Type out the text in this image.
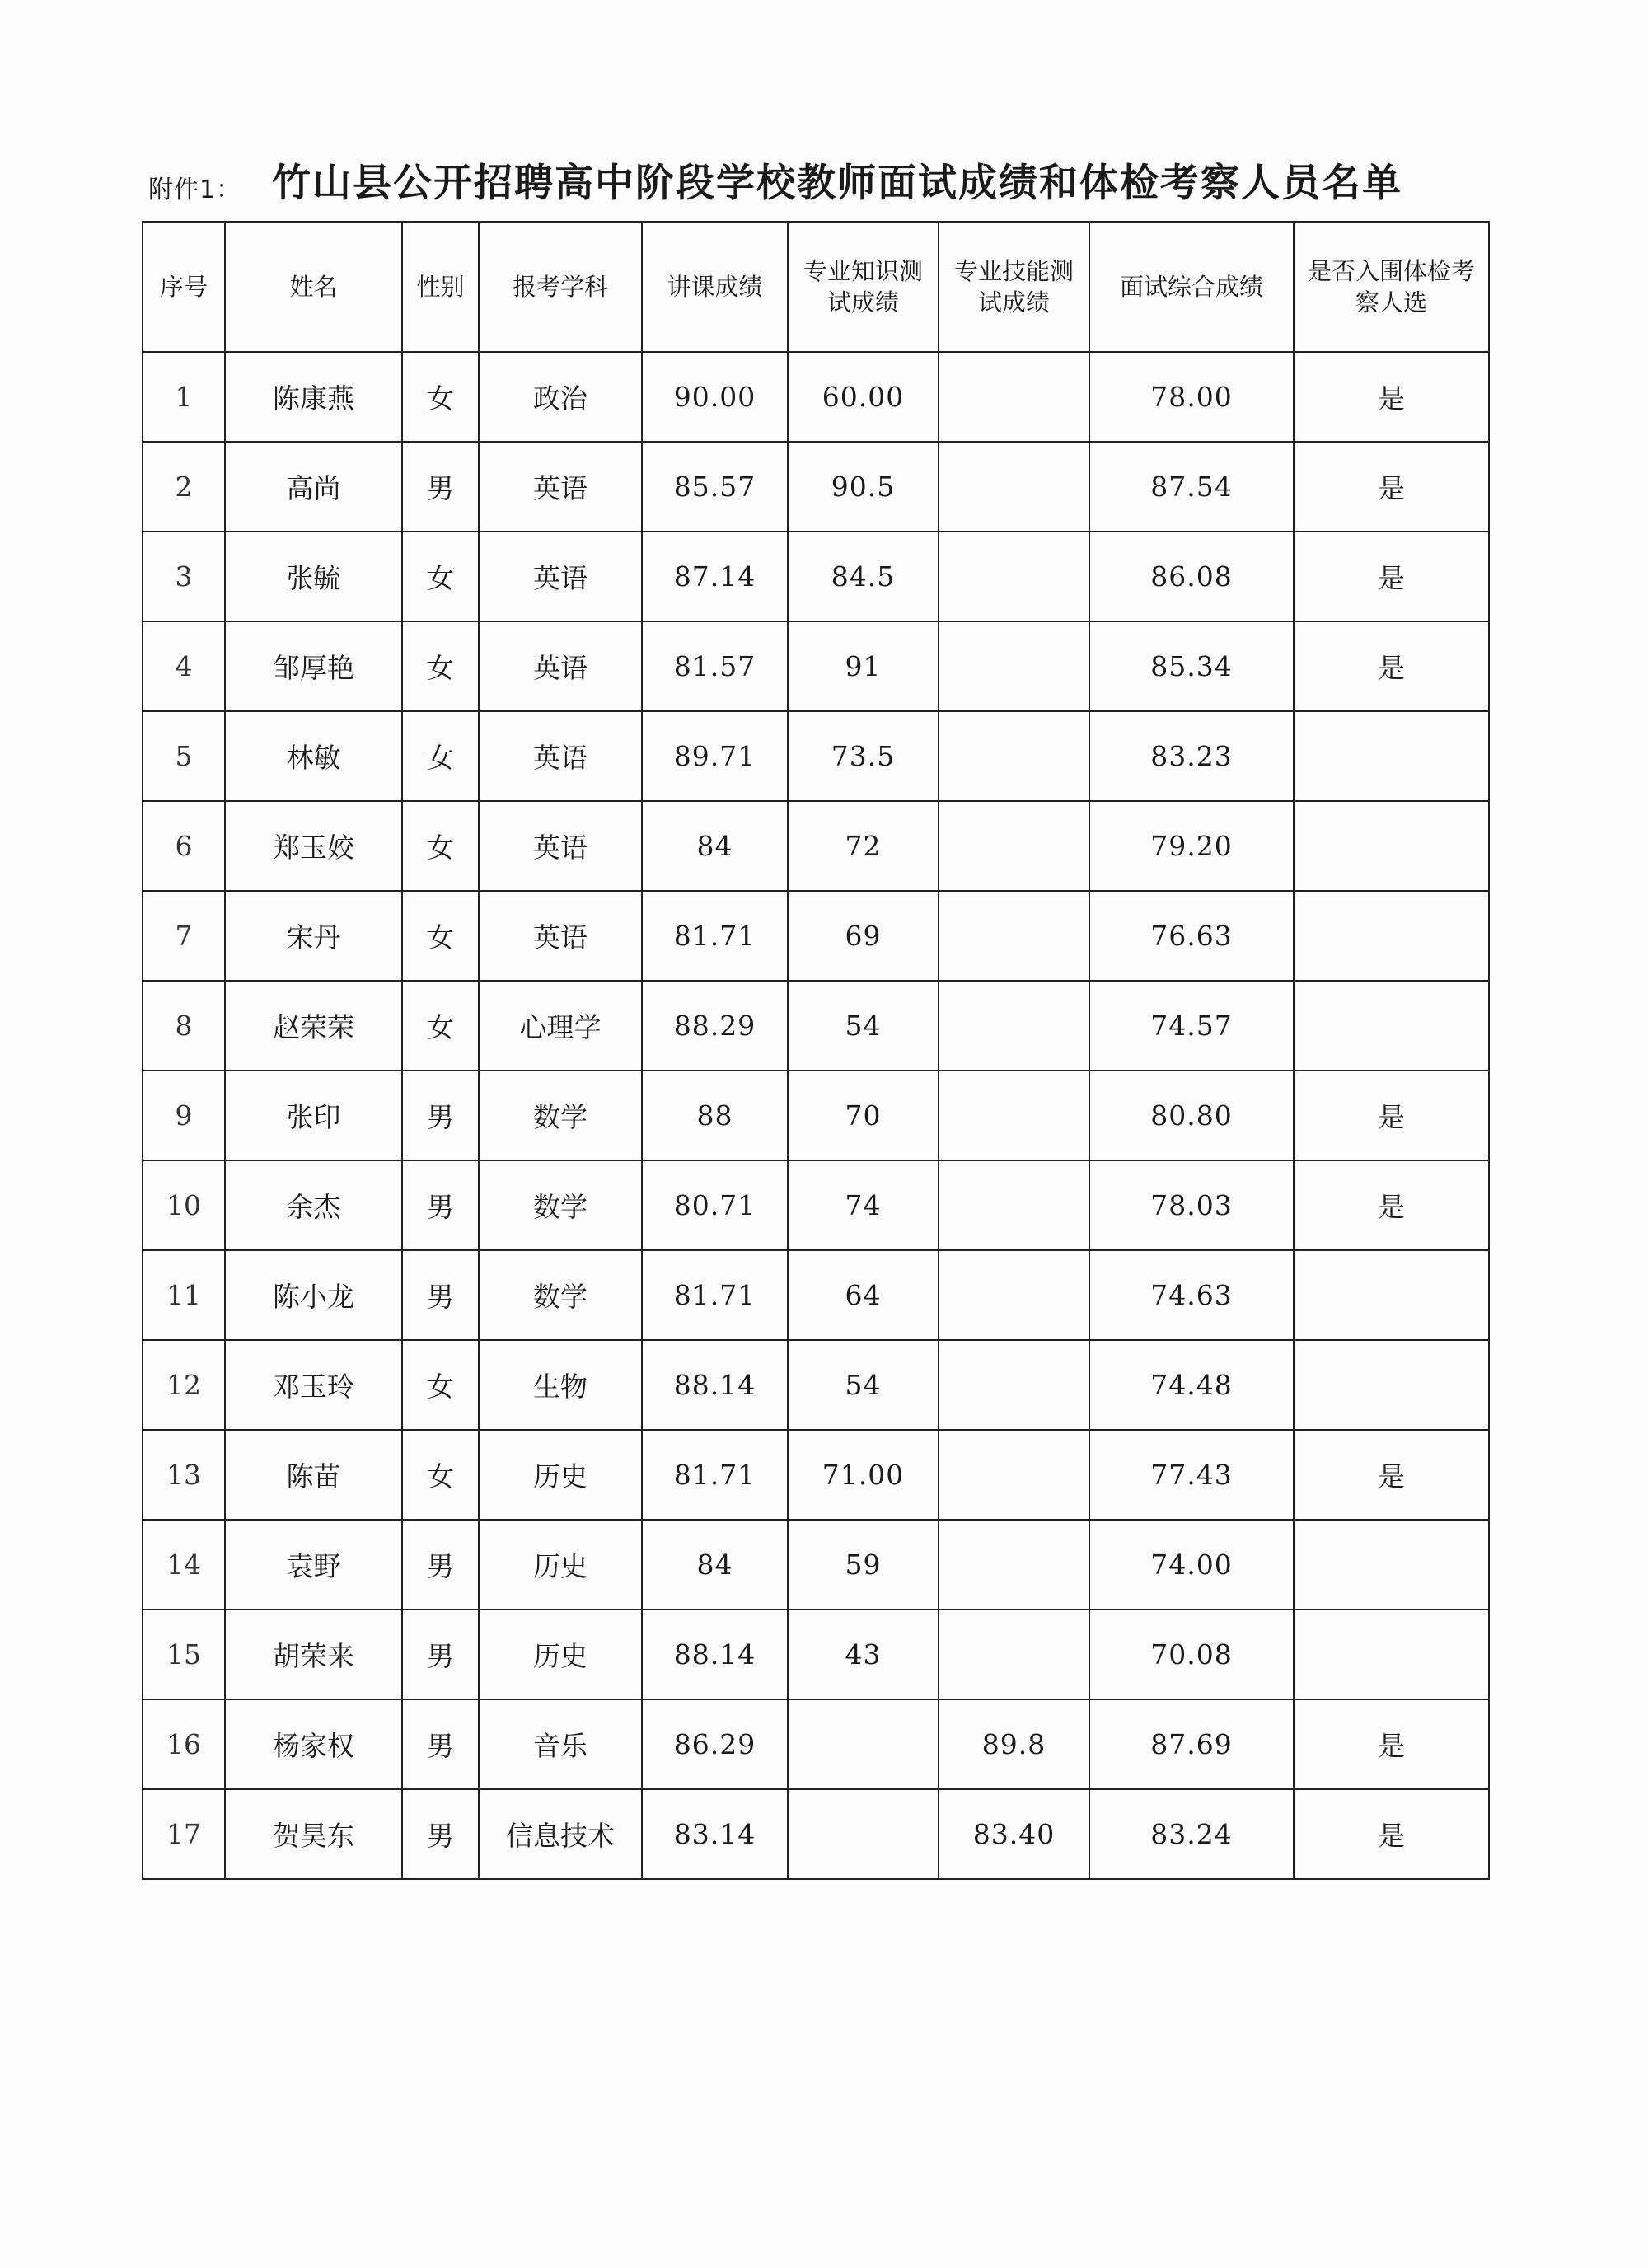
附件1： 竹山县公开招聘高中阶段学校教师面试成绩和体检考察人员名单
序号	姓名	性别	报考学科	讲课成绩	专业知识测试成绩	专业技能测试成绩	面试综合成绩	是否入围体检考察人选
1	陈康燕	女	政治	90.00	60.00		78.00	是
2	高尚	男	英语	85.57	90.5		87.54	是
3	张毓	女	英语	87.14	84.5		86.08	是
4	邹厚艳	女	英语	81.57	91		85.34	是
5	林敏	女	英语	89.71	73.5		83.23	
6	郑玉姣	女	英语	84	72		79.20	
7	宋丹	女	英语	81.71	69		76.63	
8	赵荣荣	女	心理学	88.29	54		74.57	
9	张印	男	数学	88	70		80.80	是
10	余杰	男	数学	80.71	74		78.03	是
11	陈小龙	男	数学	81.71	64		74.63	
12	邓玉玲	女	生物	88.14	54		74.48	
13	陈苗	女	历史	81.71	71.00		77.43	是
14	袁野	男	历史	84	59		74.00	
15	胡荣来	男	历史	88.14	43		70.08	
16	杨家权	男	音乐	86.29		89.8	87.69	是
17	贺昊东	男	信息技术	83.14		83.40	83.24	是
